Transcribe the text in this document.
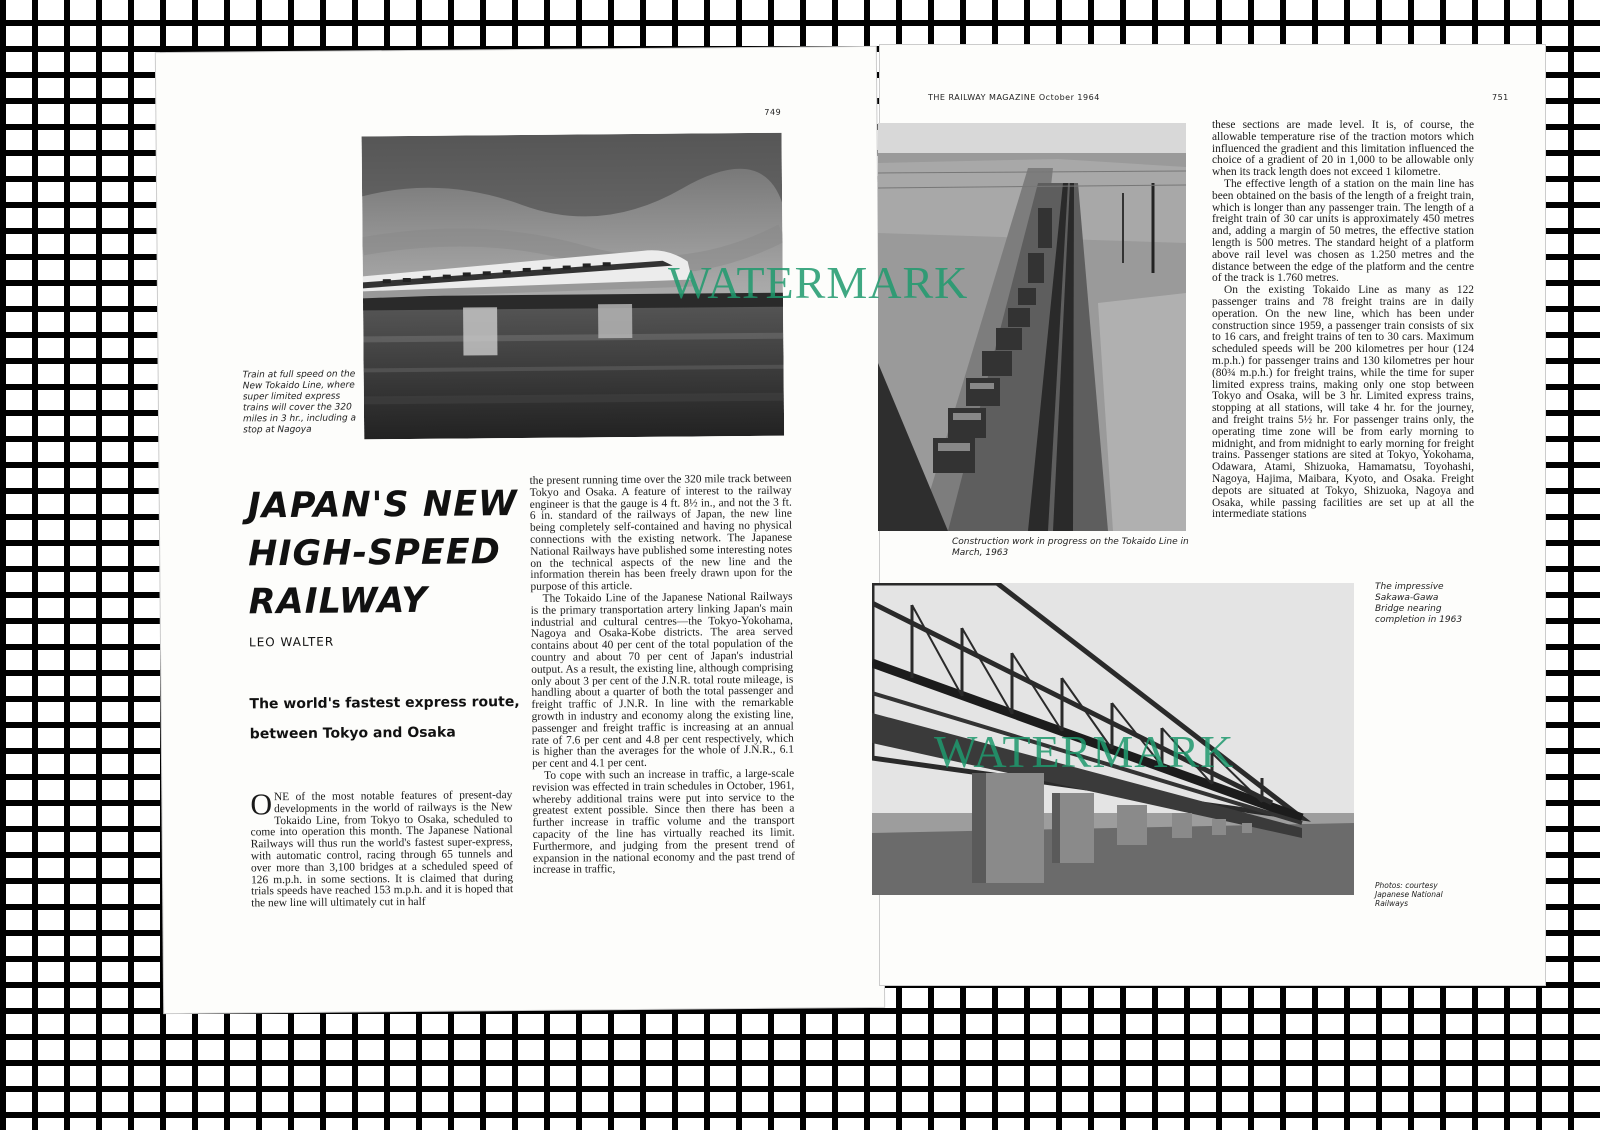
749
Train at full speed on the New Tokaido Line, where super limited express trains will cover the 320 miles in 3 hr., including a stop at Nagoya
JAPAN'S NEW
HIGH-SPEED
RAILWAY
LEO WALTER
The world's fastest express route,
between Tokyo and Osaka

ONE of the most notable features of present-day developments in the world of railways is the New Tokaido Line, from Tokyo to Osaka, scheduled to come into operation this month. The Japanese National Railways will thus run the world's fastest super-express, with automatic control, racing through 65 tunnels and over more than 3,100 bridges at a scheduled speed of 126 m.p.h. in some sections. It is claimed that during trials speeds have reached 153 m.p.h. and it is hoped that the new line will ultimately cut in half

the present running time over the 320 mile track between Tokyo and Osaka. A feature of interest to the railway engineer is that the gauge is 4 ft. 8½ in., and not the 3 ft. 6 in. standard of the railways of Japan, the new line being completely self-contained and having no physical connections with the existing network. The Japanese National Railways have published some interesting notes on the technical aspects of the new line and the information therein has been freely drawn upon for the purpose of this article.

The Tokaido Line of the Japanese National Railways is the primary transportation artery linking Japan's main industrial and cultural centres—the Tokyo-Yokohama, Nagoya and Osaka-Kobe districts. The area served contains about 40 per cent of the total population of the country and about 70 per cent of Japan's industrial output. As a result, the existing line, although comprising only about 3 per cent of the J.N.R. total route mileage, is handling about a quarter of both the total passenger and freight traffic of J.N.R. In line with the remarkable growth in industry and economy along the existing line, passenger and freight traffic is increasing at an annual rate of 7.6 per cent and 4.8 per cent respectively, which is higher than the averages for the whole of J.N.R., 6.1 per cent and 4.1 per cent.

To cope with such an increase in traffic, a large-scale revision was effected in train schedules in October, 1961, whereby additional trains were put into service to the greatest extent possible. Since then there has been a further increase in traffic volume and the transport capacity of the line has virtually reached its limit. Furthermore, and judging from the present trend of expansion in the national economy and the past trend of increase in traffic,

THE RAILWAY MAGAZINE October 1964	751
Construction work in progress on the Tokaido Line in March, 1963

these sections are made level. It is, of course, the allowable temperature rise of the traction motors which influenced the gradient and this limitation influenced the choice of a gradient of 20 in 1,000 to be allowable only when its track length does not exceed 1 kilometre.

The effective length of a station on the main line has been obtained on the basis of the length of a freight train, which is longer than any passenger train. The length of a freight train of 30 car units is approximately 450 metres and, adding a margin of 50 metres, the effective station length is 500 metres. The standard height of a platform above rail level was chosen as 1.250 metres and the distance between the edge of the platform and the centre of the track is 1.760 metres.

On the existing Tokaido Line as many as 122 passenger trains and 78 freight trains are in daily operation. On the new line, which has been under construction since 1959, a passenger train consists of six to 16 cars, and freight trains of ten to 30 cars. Maximum scheduled speeds will be 200 kilometres per hour (124 m.p.h.) for passenger trains and 130 kilometres per hour (80¾ m.p.h.) for freight trains, while the time for super limited express trains, making only one stop between Tokyo and Osaka, will be 3 hr. Limited express trains, stopping at all stations, will take 4 hr. for the journey, and freight trains 5½ hr. For passenger trains only, the operating time zone will be from early morning to midnight, and from midnight to early morning for freight trains. Passenger stations are sited at Tokyo, Yokohama, Odawara, Atami, Shizuoka, Hamamatsu, Toyohashi, Nagoya, Hajima, Maibara, Kyoto, and Osaka. Freight depots are situated at Tokyo, Shizuoka, Nagoya and Osaka, while passing facilities are set up at all the intermediate stations

The impressive Sakawa-Gawa Bridge nearing completion in 1963
Photos: courtesy Japanese National Railways
WATERMARK
WATERMARK
